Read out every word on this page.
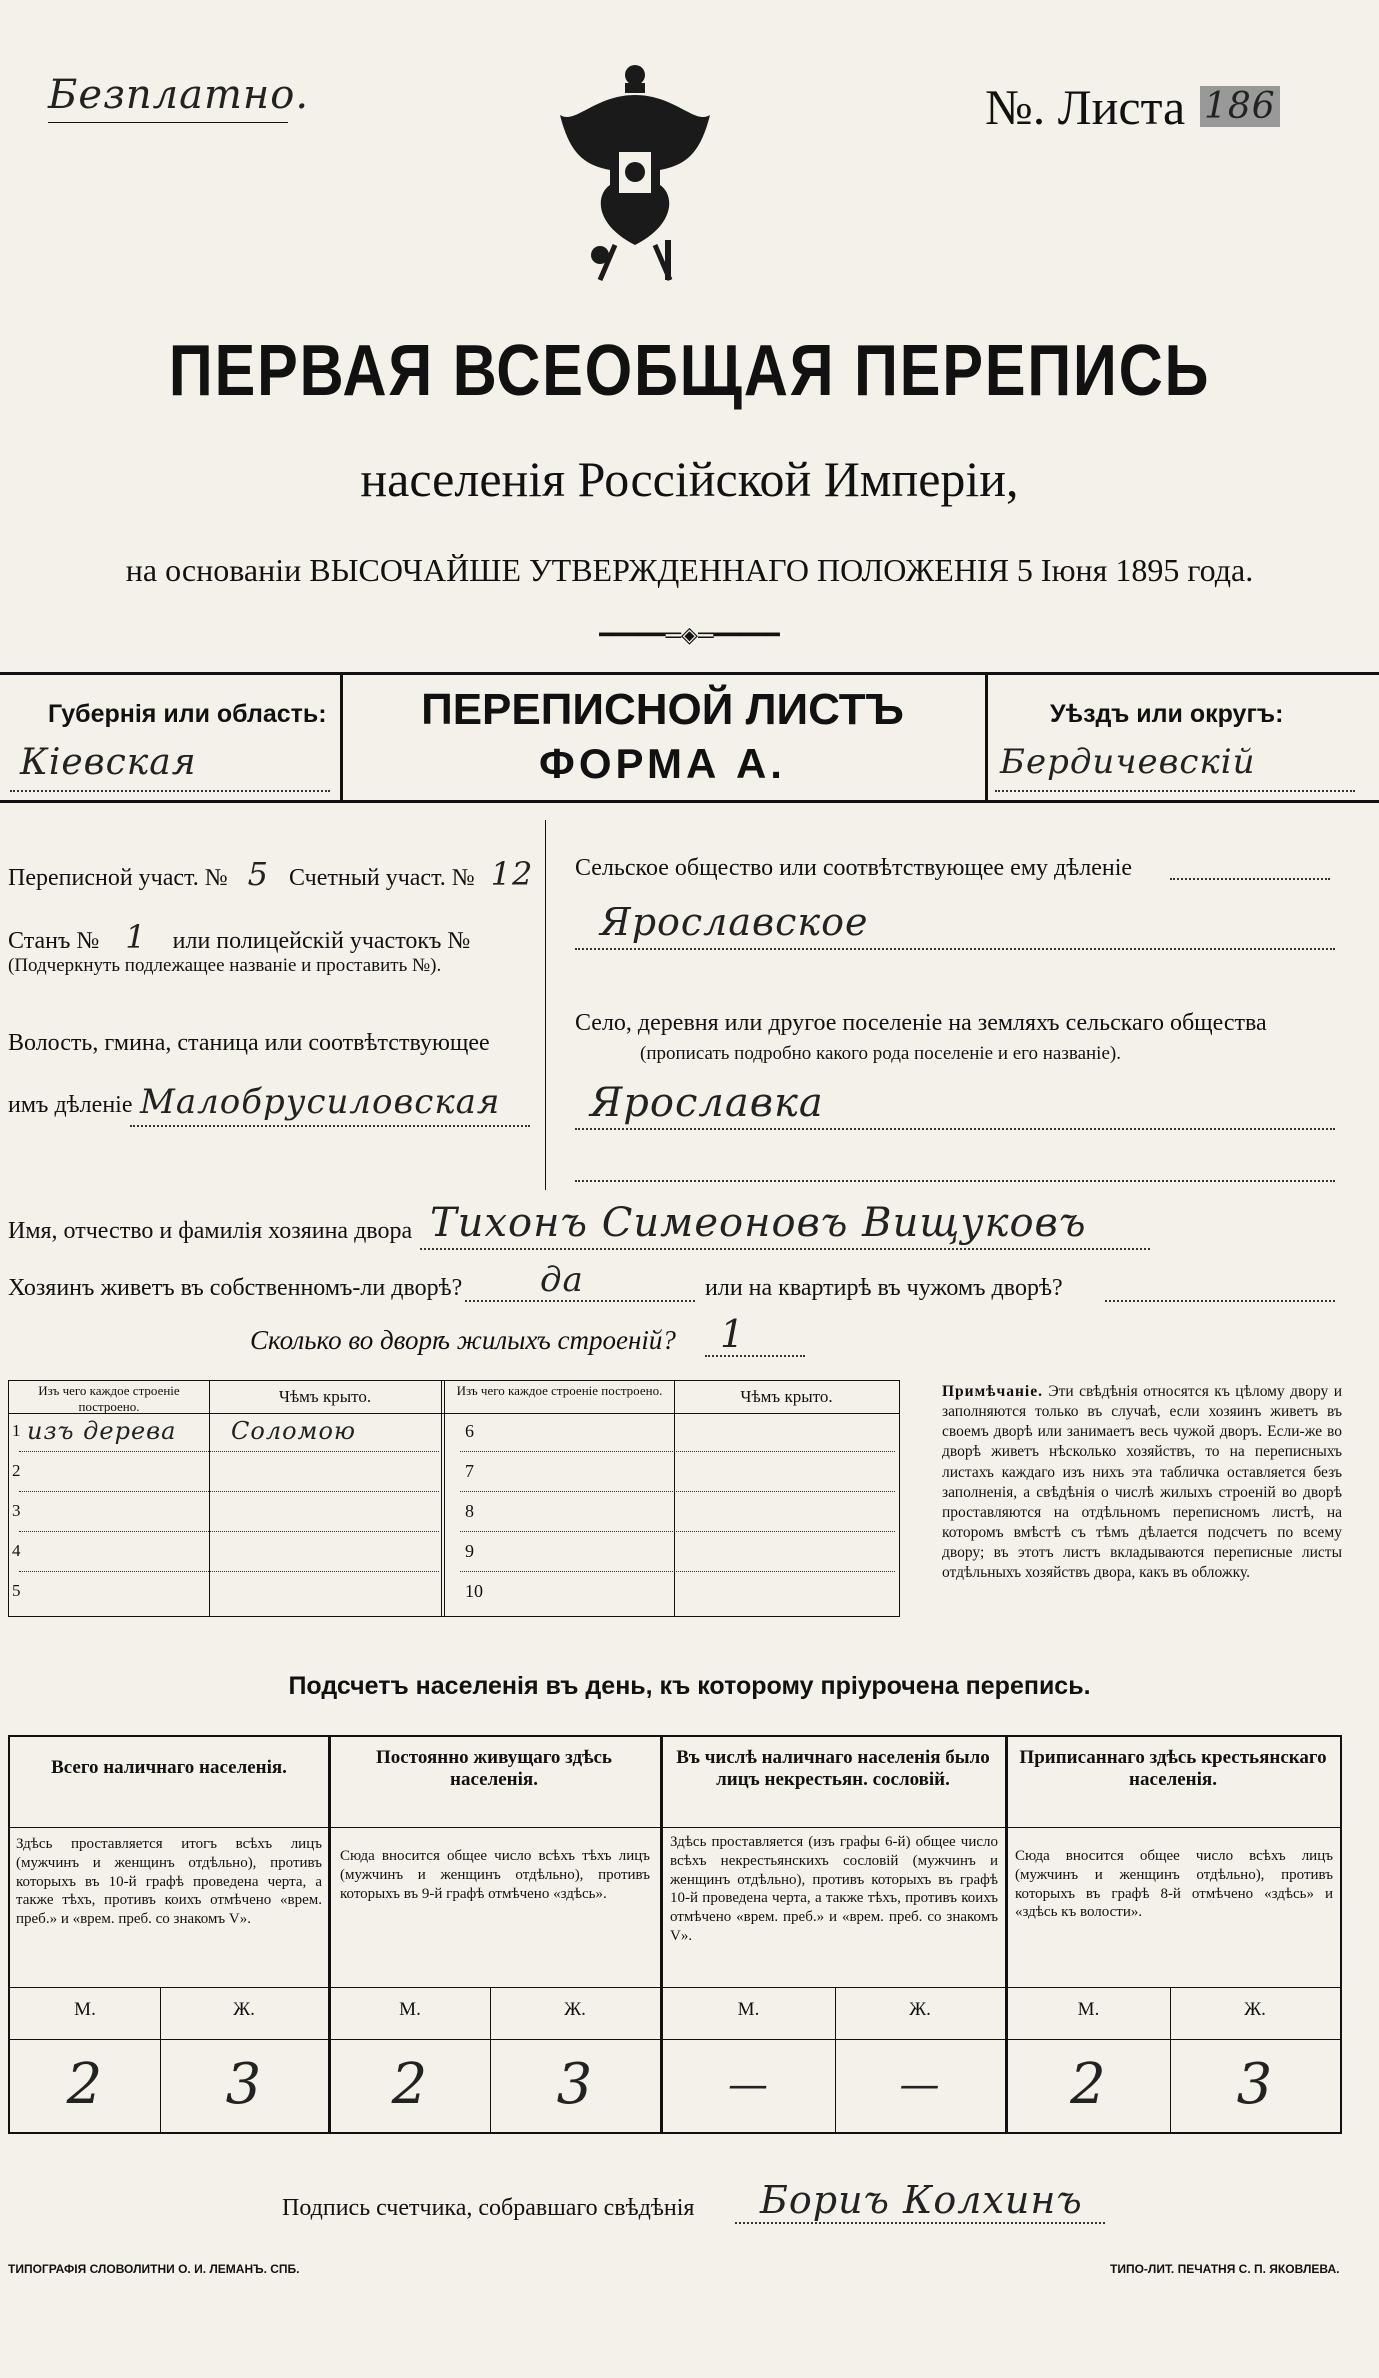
Безплатно.	№. Листа 186
ПЕРВАЯ ВСЕОБЩАЯ ПЕРЕПИСЬ
населенія Россійской Имперіи,
на основаніи ВЫСОЧАЙШЕ УТВЕРЖДЕННАГО ПОЛОЖЕНІЯ 5 Іюня 1895 года.
━━━━━═◈═━━━━━
Губернія или область:
Кіевская
ПЕРЕПИСНОЙ ЛИСТЪ
ФОРМА А.
Уѣздъ или округъ:
Бердичевскій
Переписной участ. № 5 Счетный участ. № 12
Станъ № 1 или полицейскій участокъ №
(Подчеркнуть подлежащее названіе и проставить №).
Волость, гмина, станица или соотвѣтствующее
имъ дѣленіе Малобрусиловская
Сельское общество или соотвѣтствующее ему дѣленіе
Ярославское
Село, деревня или другое поселеніе на земляхъ сельскаго общества
(прописать подробно какого рода поселеніе и его названіе).
Ярославка
Имя, отчество и фамилія хозяина двора Тихонъ Симеоновъ Вищуковъ
Хозяинъ живетъ въ собственномъ-ли дворѣ? да	или на квартирѣ въ чужомъ дворѣ?
Сколько во дворѣ жилыхъ строеній? 1
Изъ чего каждое строеніе построено.
Чѣмъ крыто.	Изъ чего каждое строеніе построено.	Чѣмъ крыто.
1 изъ дерева Соломою
2
3
4
5
6
7
8
9
10
Примѣчаніе. Эти свѣдѣнія относятся къ цѣлому двору и заполняются только въ случаѣ, если хозяинъ живетъ въ своемъ дворѣ или занимаетъ весь чужой дворъ. Если-же во дворѣ живетъ нѣсколько хозяйствъ, то на переписныхъ листахъ каждаго изъ нихъ эта табличка оставляется безъ заполненія, а свѣдѣнія о числѣ жилыхъ строеній во дворѣ проставляются на отдѣльномъ переписномъ листѣ, на которомъ вмѣстѣ съ тѣмъ дѣлается подсчетъ по всему двору; въ этотъ листъ вкладываются переписные листы отдѣльныхъ хозяйствъ двора, какъ въ обложку.
Подсчетъ населенія въ день, къ которому пріурочена перепись.
Всего наличнаго населенія.
Здѣсь проставляется итогъ всѣхъ лицъ (мужчинъ и женщинъ отдѣльно), противъ которыхъ въ 10-й графѣ проведена черта, а также тѣхъ, противъ коихъ отмѣчено «врем. преб.» и «врем. преб. со знакомъ V».
М.	Ж.
2	3
Постоянно живущаго здѣсь населенія.
Сюда вносится общее число всѣхъ тѣхъ лицъ (мужчинъ и женщинъ отдѣльно), противъ которыхъ въ 9-й графѣ отмѣчено «здѣсь».
М.	Ж.
2	3
Въ числѣ наличнаго населенія было лицъ некрестьян. сословій.
Здѣсь проставляется (изъ графы 6-й) общее число всѣхъ некрестьянскихъ сословій (мужчинъ и женщинъ отдѣльно), противъ которыхъ въ графѣ 10-й проведена черта, а также тѣхъ, противъ коихъ отмѣчено «врем. преб.» и «врем. преб. со знакомъ V».
М.	Ж.
—	—
Приписаннаго здѣсь крестьянскаго населенія.
Сюда вносится общее число всѣхъ лицъ (мужчинъ и женщинъ отдѣльно), противъ которыхъ въ графѣ 8-й отмѣчено «здѣсь» и «здѣсь къ волости».
М.	Ж.
2	3
Подпись счетчика, собравшаго свѣдѣнія Бориъ Колхинъ
ТИПОГРАФІЯ СЛОВОЛИТНИ О. И. ЛЕМАНЪ. СПБ.	ТИПО-ЛИТ. ПЕЧАТНЯ С. П. ЯКОВЛЕВА.
